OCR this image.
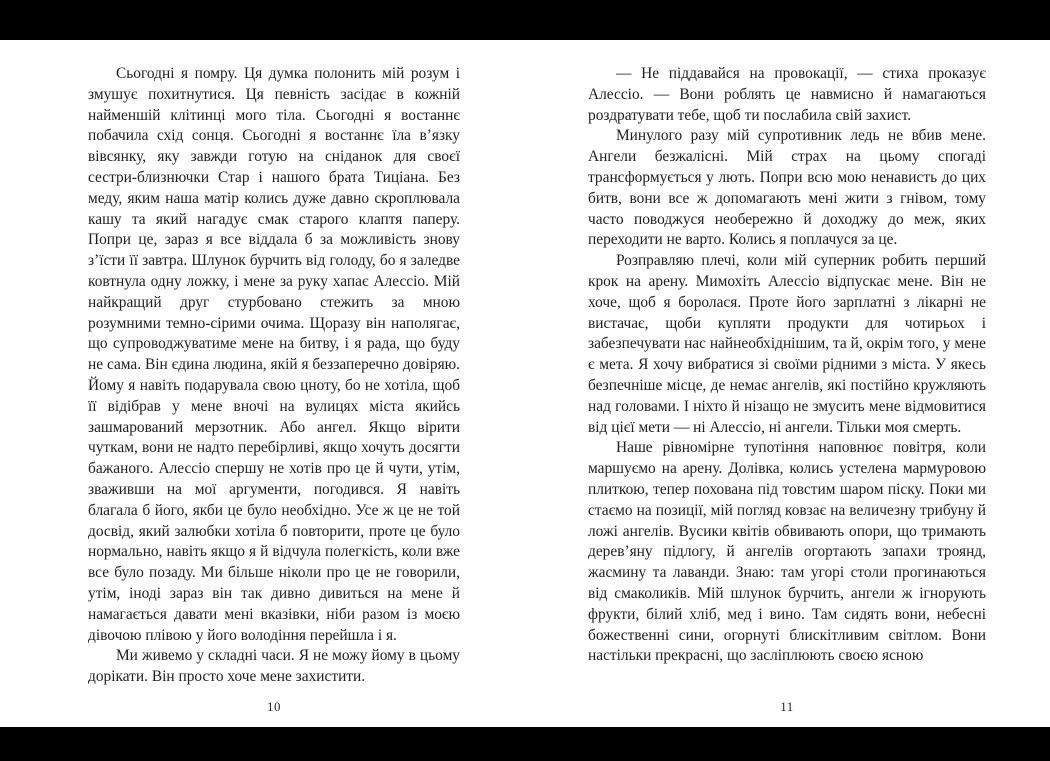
Сьогодні я помру. Ця думка полонить мій розум і змушує похитнутися. Ця певність засідає в кожній найменшій клітинці мого тіла. Сьогодні я востаннє побачила схід сонця. Сьогодні я востаннє їла в’язку вівсянку, яку завжди готую на сніданок для своєї сестри-близнючки Стар і нашого брата Тиціана. Без меду, яким наша матір колись дуже давно скроплювала кашу та який нагадує смак старого клаптя паперу. Попри це, зараз я все віддала б за можливість знову з’їсти її завтра. Шлунок бурчить від голоду, бо я заледве ковтнула одну ложку, і мене за руку хапає Алессіо. Мій найкращий друг стурбовано стежить за мною розумними темно-сірими очима. Щоразу він наполягає, що супроводжуватиме мене на битву, і я рада, що буду не сама. Він єдина людина, якій я беззаперечно довіряю. Йому я навіть подарувала свою цноту, бо не хотіла, щоб її відібрав у мене вночі на вулицях міста якийсь зашмарований мерзотник. Або ангел. Якщо вірити чуткам, вони не надто перебірливі, якщо хочуть досягти бажаного. Алессіо спершу не хотів про це й чути, утім, зваживши на мої аргументи, погодився. Я навіть благала б його, якби це було необхідно. Усе ж це не той досвід, який залюбки хотіла б повторити, проте це було нормально, навіть якщо я й відчула полегкість, коли вже все було позаду. Ми більше ніколи про це не говорили, утім, іноді зараз він так дивно дивиться на мене й намагається давати мені вказівки, ніби разом із моєю дівочою плівою у його володіння перейшла і я.

Ми живемо у складні часи. Я не можу йому в цьому дорікати. Він просто хоче мене захистити.

10

— Не піддавайся на провокації, — стиха проказує Алессіо. — Вони роблять це навмисно й намагаються роздратувати тебе, щоб ти послабила свій захист.

Минулого разу мій супротивник ледь не вбив мене. Ангели безжалісні. Мій страх на цьому спогаді трансформується у лють. Попри всю мою ненависть до цих битв, вони все ж допомагають мені жити з гнівом, тому часто поводжуся необережно й доходжу до меж, яких переходити не варто. Колись я поплачуся за це.

Розправляю плечі, коли мій суперник робить перший крок на арену. Мимохіть Алессіо відпускає мене. Він не хоче, щоб я боролася. Проте його зарплатні з лікарні не вистачає, щоби купляти продукти для чотирьох і забезпечувати нас найнеобхіднішим, та й, окрім того, у мене є мета. Я хочу вибратися зі своїми рідними з міста. У якесь безпечніше місце, де немає ангелів, які постійно кружляють над головами. І ніхто й нізащо не змусить мене відмовитися від цієї мети — ні Алессіо, ні ангели. Тільки моя смерть.

Наше рівномірне тупотіння наповнює повітря, коли маршуємо на арену. Долівка, колись устелена мармуровою плиткою, тепер похована під товстим шаром піску. Поки ми стаємо на позиції, мій погляд ковзає на величезну трибуну й ложі ангелів. Вусики квітів обвивають опори, що тримають дерев’яну підлогу, й ангелів огортають запахи троянд, жасмину та лаванди. Знаю: там угорі столи прогинаються від смаколиків. Мій шлунок бурчить, ангели ж ігнорують фрукти, білий хліб, мед і вино. Там сидять вони, небесні божественні сини, огорнуті блискітливим світлом. Вони настільки прекрасні, що засліплюють своєю ясною

11
